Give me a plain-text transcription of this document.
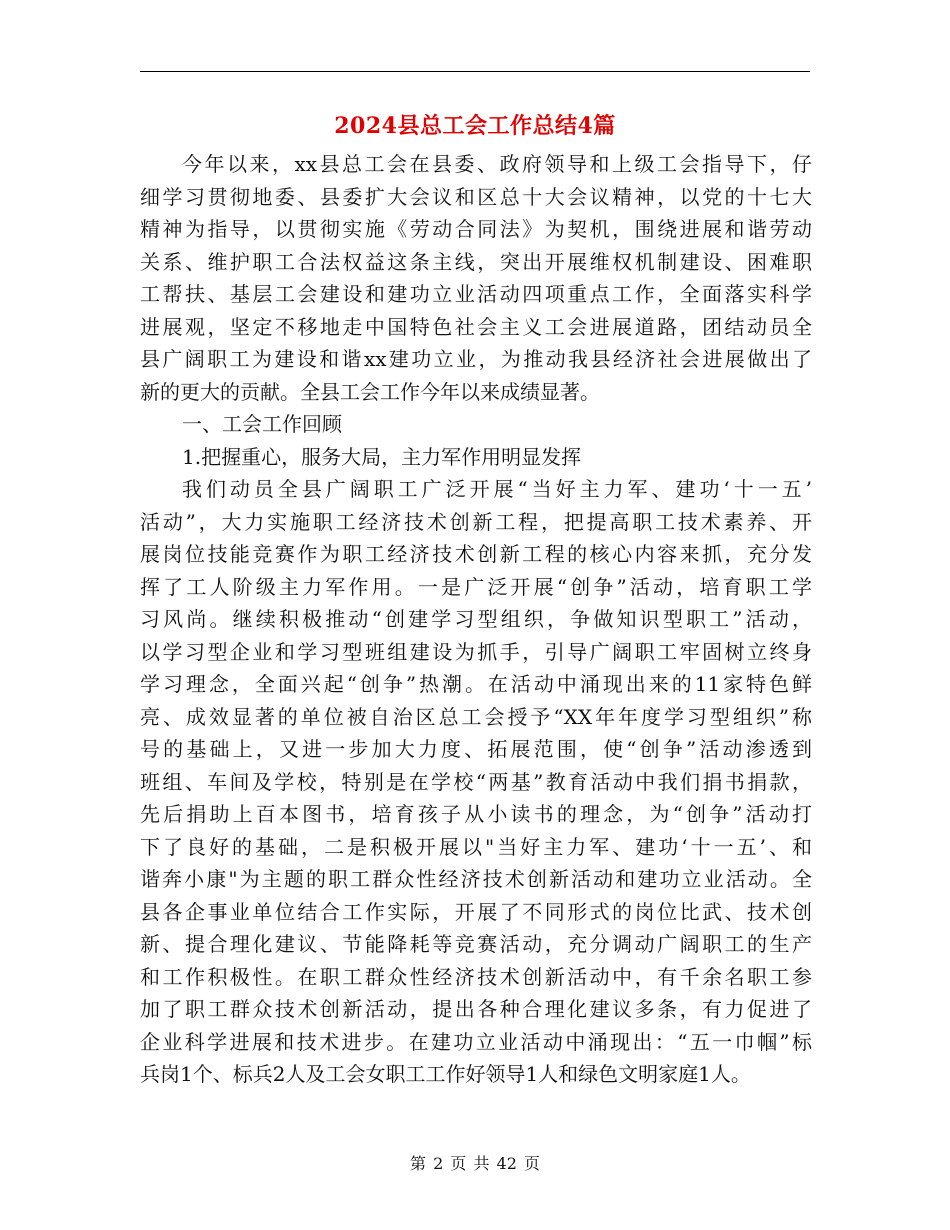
2024县总工会工作总结4篇
今年以来，xx县总工会在县委、政府领导和上级工会指导下，仔
细学习贯彻地委、县委扩大会议和区总十大会议精神，以党的十七大
精神为指导，以贯彻实施《劳动合同法》为契机，围绕进展和谐劳动
关系、维护职工合法权益这条主线，突出开展维权机制建设、困难职
工帮扶、基层工会建设和建功立业活动四项重点工作，全面落实科学
进展观，坚定不移地走中国特色社会主义工会进展道路，团结动员全
县广阔职工为建设和谐xx建功立业，为推动我县经济社会进展做出了
新的更大的贡献。全县工会工作今年以来成绩显著。
一、工会工作回顾
1.把握重心，服务大局，主力军作用明显发挥
我们动员全县广阔职工广泛开展“当好主力军、建功‘十一五’
活动”，大力实施职工经济技术创新工程，把提高职工技术素养、开
展岗位技能竞赛作为职工经济技术创新工程的核心内容来抓，充分发
挥了工人阶级主力军作用。一是广泛开展“创争”活动，培育职工学
习风尚。继续积极推动“创建学习型组织，争做知识型职工”活动，
以学习型企业和学习型班组建设为抓手，引导广阔职工牢固树立终身
学习理念，全面兴起“创争”热潮。在活动中涌现出来的11家特色鲜
亮、成效显著的单位被自治区总工会授予“XX年年度学习型组织”称
号的基础上，又进一步加大力度、拓展范围，使“创争”活动渗透到
班组、车间及学校，特别是在学校“两基”教育活动中我们捐书捐款，
先后捐助上百本图书，培育孩子从小读书的理念，为“创争”活动打
下了良好的基础，二是积极开展以"当好主力军、建功‘十一五’、和
谐奔小康"为主题的职工群众性经济技术创新活动和建功立业活动。全
县各企事业单位结合工作实际，开展了不同形式的岗位比武、技术创
新、提合理化建议、节能降耗等竞赛活动，充分调动广阔职工的生产
和工作积极性。在职工群众性经济技术创新活动中，有千余名职工参
加了职工群众技术创新活动，提出各种合理化建议多条，有力促进了
企业科学进展和技术进步。在建功立业活动中涌现出：“五一巾帼”标
兵岗1个、标兵2人及工会女职工工作好领导1人和绿色文明家庭1人。
第 2 页 共 42 页
